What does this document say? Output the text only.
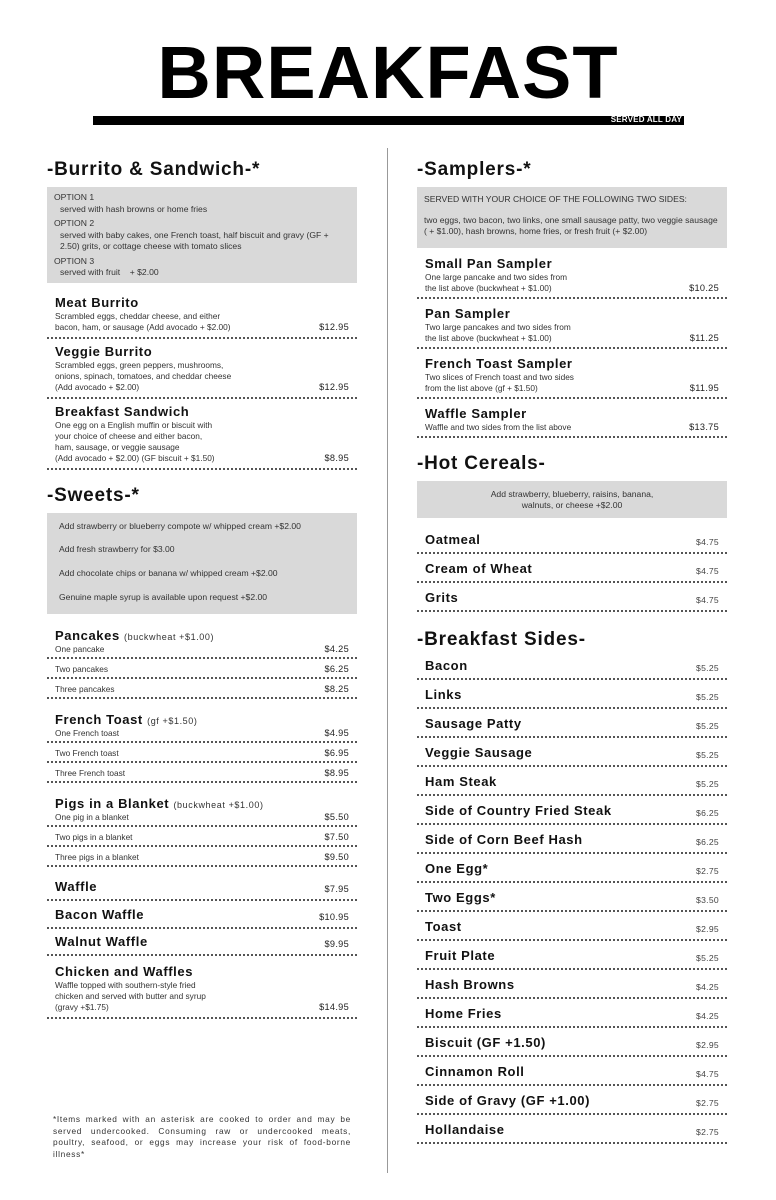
BREAKFAST
SERVED ALL DAY
-Burrito & Sandwich-*
OPTION 1
served with hash browns or home fries
OPTION 2
served with baby cakes, one French toast, half biscuit and gravy (GF + 2.50) grits, or cottage cheese with tomato slices
OPTION 3
served with fruit    + $2.00
Meat Burrito
Scrambled eggs, cheddar cheese, and either
bacon, ham, or sausage (Add avocado + $2.00)	$12.95
Veggie Burrito
Scrambled eggs, green peppers, mushrooms,
onions, spinach, tomatoes, and cheddar cheese
(Add avocado + $2.00)	$12.95
Breakfast Sandwich
One egg on a English muffin or biscuit with
your choice of cheese and either bacon,
ham, sausage, or veggie sausage
(Add avocado + $2.00) (GF biscuit + $1.50)	$8.95
-Sweets-*
Add strawberry or blueberry compote w/ whipped cream +$2.00
Add fresh strawberry for $3.00
Add chocolate chips or banana w/ whipped cream +$2.00
Genuine maple syrup is available upon request +$2.00
Pancakes (buckwheat +$1.00)
One pancake	$4.25
Two pancakes	$6.25
Three pancakes	$8.25
French Toast (gf +$1.50)
One French toast	$4.95
Two French toast	$6.95
Three French toast	$8.95
Pigs in a Blanket (buckwheat +$1.00)
One pig in a blanket	$5.50
Two pigs in a blanket	$7.50
Three pigs in a blanket	$9.50
Waffle	$7.95
Bacon Waffle	$10.95
Walnut Waffle	$9.95
Chicken and Waffles
Waffle topped with southern-style fried
chicken and served with butter and syrup
(gravy +$1.75)	$14.95
*Items marked with an asterisk are cooked to order and may be served undercooked. Consuming raw or undercooked meats, poultry, seafood, or eggs may increase your risk of food-borne illness*
-Samplers-*
SERVED WITH YOUR CHOICE OF THE FOLLOWING TWO SIDES:
two eggs, two bacon, two links, one small sausage patty, two veggie sausage ( + $1.00), hash browns, home fries, or fresh fruit (+ $2.00)
Small Pan Sampler
One large pancake and two sides from
the list above (buckwheat + $1.00)	$10.25
Pan Sampler
Two large pancakes and two sides from
the list above (buckwheat + $1.00)	$11.25
French Toast Sampler
Two slices of French toast and two sides
from the list above (gf + $1.50)	$11.95
Waffle Sampler
Waffle and two sides from the list above	$13.75
-Hot Cereals-
Add strawberry, blueberry, raisins, banana,
walnuts, or cheese +$2.00
Oatmeal	$4.75
Cream of Wheat	$4.75
Grits	$4.75
-Breakfast Sides-
Bacon	$5.25
Links	$5.25
Sausage Patty	$5.25
Veggie Sausage	$5.25
Ham Steak	$5.25
Side of Country Fried Steak	$6.25
Side of Corn Beef Hash	$6.25
One Egg*	$2.75
Two Eggs*	$3.50
Toast	$2.95
Fruit Plate	$5.25
Hash Browns	$4.25
Home Fries	$4.25
Biscuit (GF +1.50)	$2.95
Cinnamon Roll	$4.75
Side of Gravy (GF +1.00)	$2.75
Hollandaise	$2.75
